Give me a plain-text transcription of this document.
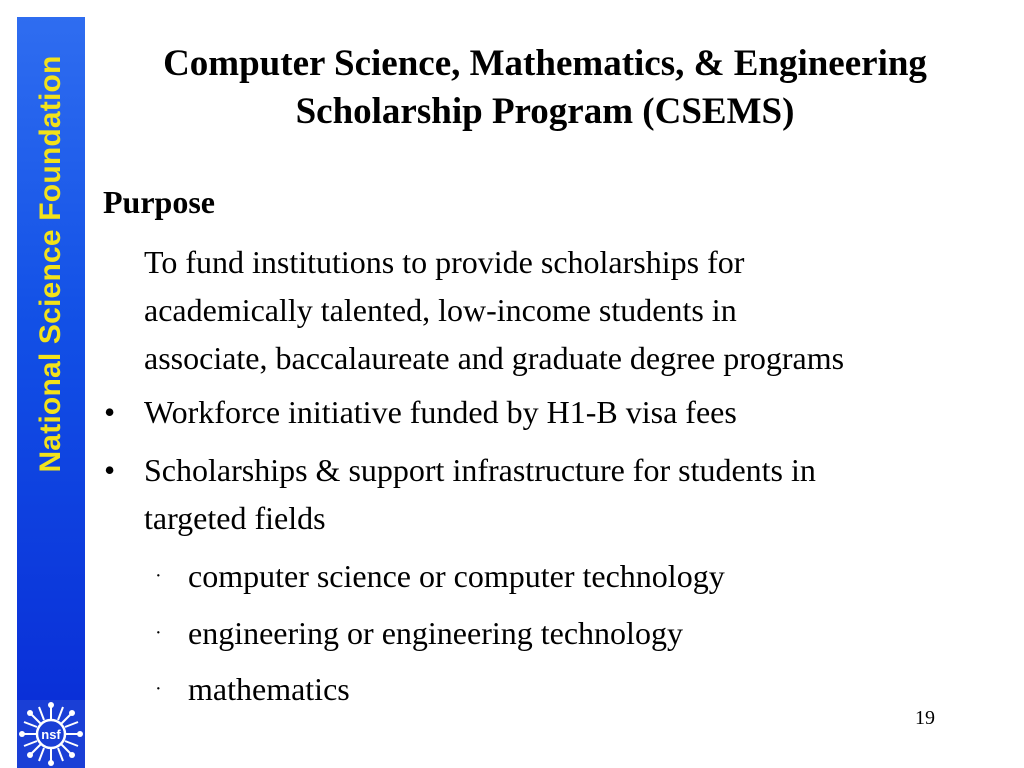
National Science Foundation
nsf
Computer Science, Mathematics, & Engineering
Scholarship Program (CSEMS)
Purpose
To fund institutions to provide scholarships for
academically talented, low-income students in
associate, baccalaureate and graduate degree programs
• Workforce initiative funded by H1-B visa fees
• Scholarships & support infrastructure for students in
targeted fields
· computer science or computer technology
· engineering or engineering technology
· mathematics
19
